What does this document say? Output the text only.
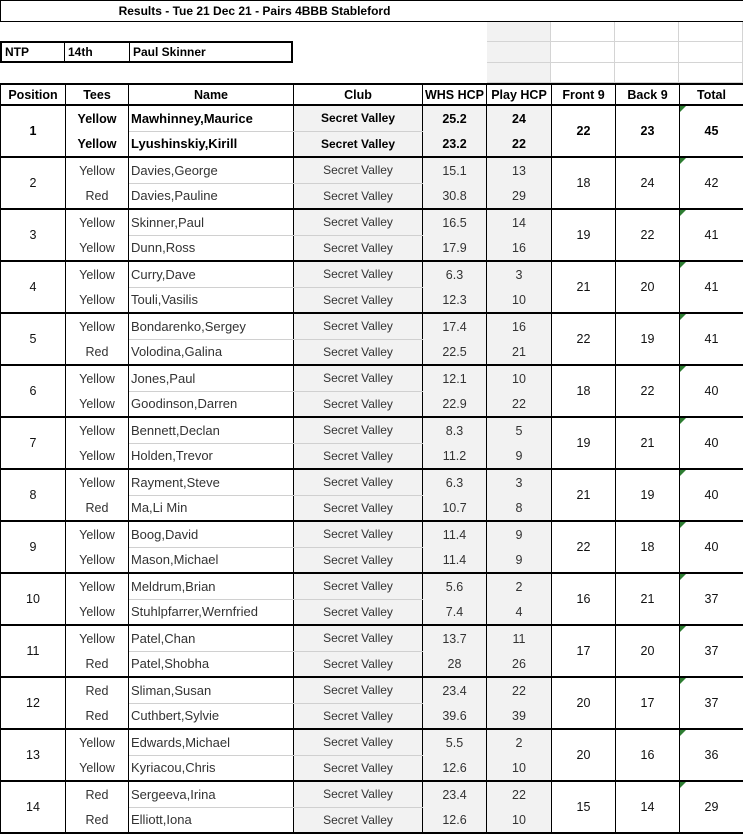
Results - Tue 21 Dec 21 - Pairs 4BBB Stableford
NTP	14th	Paul Skinner
Position	Tees	Name	Club	WHS HCP	Play HCP	Front 9	Back 9	Total
1	Yellow	Mawhinney,Maurice	Secret Valley	25.2	24	22	23	45
	Yellow	Lyushinskiy,Kirill	Secret Valley	23.2	22			
2	Yellow	Davies,George	Secret Valley	15.1	13	18	24	42
	Red	Davies,Pauline	Secret Valley	30.8	29			
3	Yellow	Skinner,Paul	Secret Valley	16.5	14	19	22	41
	Yellow	Dunn,Ross	Secret Valley	17.9	16			
4	Yellow	Curry,Dave	Secret Valley	6.3	3	21	20	41
	Yellow	Touli,Vasilis	Secret Valley	12.3	10			
5	Yellow	Bondarenko,Sergey	Secret Valley	17.4	16	22	19	41
	Red	Volodina,Galina	Secret Valley	22.5	21			
6	Yellow	Jones,Paul	Secret Valley	12.1	10	18	22	40
	Yellow	Goodinson,Darren	Secret Valley	22.9	22			
7	Yellow	Bennett,Declan	Secret Valley	8.3	5	19	21	40
	Yellow	Holden,Trevor	Secret Valley	11.2	9			
8	Yellow	Rayment,Steve	Secret Valley	6.3	3	21	19	40
	Red	Ma,Li Min	Secret Valley	10.7	8			
9	Yellow	Boog,David	Secret Valley	11.4	9	22	18	40
	Yellow	Mason,Michael	Secret Valley	11.4	9			
10	Yellow	Meldrum,Brian	Secret Valley	5.6	2	16	21	37
	Yellow	Stuhlpfarrer,Wernfried	Secret Valley	7.4	4			
11	Yellow	Patel,Chan	Secret Valley	13.7	11	17	20	37
	Red	Patel,Shobha	Secret Valley	28	26			
12	Red	Sliman,Susan	Secret Valley	23.4	22	20	17	37
	Red	Cuthbert,Sylvie	Secret Valley	39.6	39			
13	Yellow	Edwards,Michael	Secret Valley	5.5	2	20	16	36
	Yellow	Kyriacou,Chris	Secret Valley	12.6	10			
14	Red	Sergeeva,Irina	Secret Valley	23.4	22	15	14	29
	Red	Elliott,Iona	Secret Valley	12.6	10			
